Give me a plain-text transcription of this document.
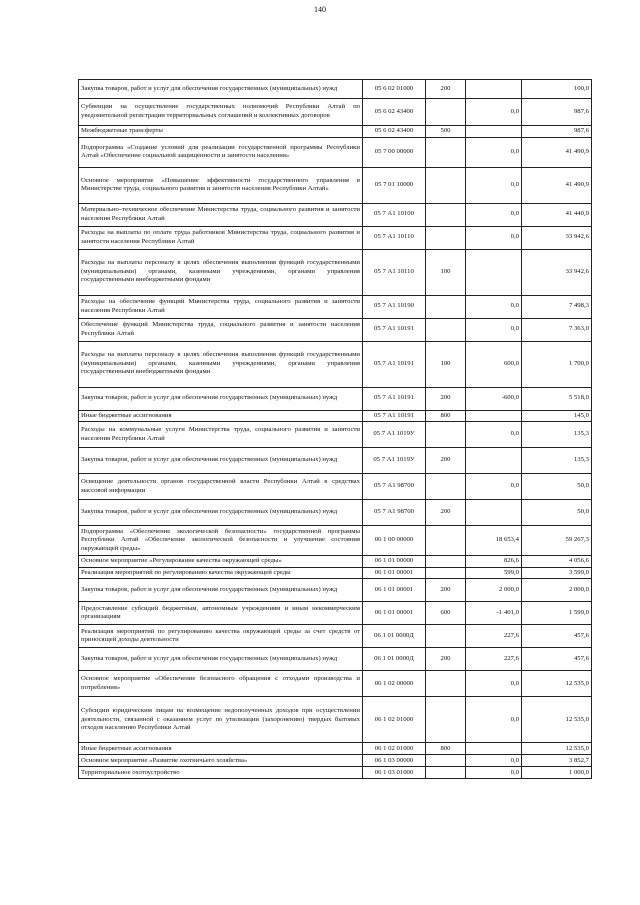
140
Закупка товаров, работ и услуг для обеспечения государственных (муниципальных) нужд	05 6 02 01000	200		100,0
Субвенции на осуществление государственных полномочий Республики Алтай по уведомительной регистрации территориальных соглашений и коллективных договоров	05 6 02 43400		0,0	987,6
Межбюджетные трансферты	05 6 02 43400	500		987,6
Подпрограмма «Создание условий для реализации государственной программы Республики Алтай «Обеспечение социальной защищенности и занятости населения»	05 7 00 00000		0,0	41 490,9
Основное мероприятие «Повышение эффективности государственного управления в Министерстве труда, социального развития и занятости населения Республики Алтай»	05 7 01 10000		0,0	41 490,9
Материально–техническое обеспечение Министерства труда, социального развития и занятости населения Республики Алтай	05 7 А1 10100		0,0	41 440,9
Расходы на выплаты по оплате труда работников Министерства труда, социального развития и занятости населения Республики Алтай	05 7 А1 10110		0,0	33 942,6
Расходы на выплаты персоналу в целях обеспечения выполнения функций государственными (муниципальными) органами, казенными учреждениями, органами управления государственными внебюджетными фондами	05 7 А1 10110	100		33 942,6
Расходы на обеспечение функций Министерства труда, социального развития и занятости населения Республики Алтай	05 7 А1 10190		0,0	7 498,3
Обеспечение функций Министерства труда, социального развития и занятости населения Республики Алтай	05 7 А1 10191		0,0	7 363,0
Расходы на выплаты персоналу в целях обеспечения выполнения функций государственными (муниципальными) органами, казенными учреждениями, органами управления государственными внебюджетными фондами	05 7 А1 10191	100	600,0	1 700,0
Закупка товаров, работ и услуг для обеспечения государственных (муниципальных) нужд	05 7 А1 10191	200	-600,0	5 518,0
Иные бюджетные ассигнования	05 7 А1 10191	800		145,0
Расходы на коммунальные услуги Министерства труда, социального развития и занятости населения Республики Алтай	05 7 А1 1019У		0,0	135,3
Закупка товаров, работ и услуг для обеспечения государственных (муниципальных) нужд	05 7 А1 1019У	200		135,3
Освещение деятельности органов государственной власти Республики Алтай в средствах массовой информации	05 7 А1 98700		0,0	50,0
Закупка товаров, работ и услуг для обеспечения государственных (муниципальных) нужд	05 7 А1 98700	200		50,0
Подпрограмма «Обеспечение экологической безопасности» государственной программы Республики Алтай «Обеспечение экологической безопасности и улучшение состояния окружающей среды»	06 1 00 00000		18 653,4	59 267,3
Основное мероприятие «Регулирование качества окружающей среды»	06 1 01 00000		826,6	4 056,6
Реализация мероприятий по регулированию качества окружающей среды	06 1 01 00001		599,0	3 599,0
Закупка товаров, работ и услуг для обеспечения государственных (муниципальных) нужд	06 1 01 00001	200	2 000,0	2 000,0
Предоставление субсидий бюджетным, автономным учреждениям и иным некоммерческим организациям	06 1 01 00001	600	-1 401,0	1 599,0
Реализация мероприятий по регулированию качества окружающей среды за счет средств от приносящей доходы деятельности	06 1 01 0000Д		227,6	457,6
Закупка товаров, работ и услуг для обеспечения государственных (муниципальных) нужд	06 1 01 0000Д	200	227,6	457,6
Основное мероприятие «Обеспечение безопасного обращения с отходами производства и потребления»	06 1 02 00000		0,0	12 535,0
Субсидии юридическим лицам на возмещение недополученных доходов при осуществлении деятельности, связанной с оказанием услуг по утилизации (захоронению) твердых бытовых отходов населению Республики Алтай	06 1 02 01000		0,0	12 535,0
Иные бюджетные ассигнования	06 1 02 01000	800		12 535,0
Основное мероприятие «Развитие охотничьего хозяйства»	06 1 03 00000		0,0	3 852,7
Территориальное охотоустройство	06 1 03 01000		0,0	1 000,0
